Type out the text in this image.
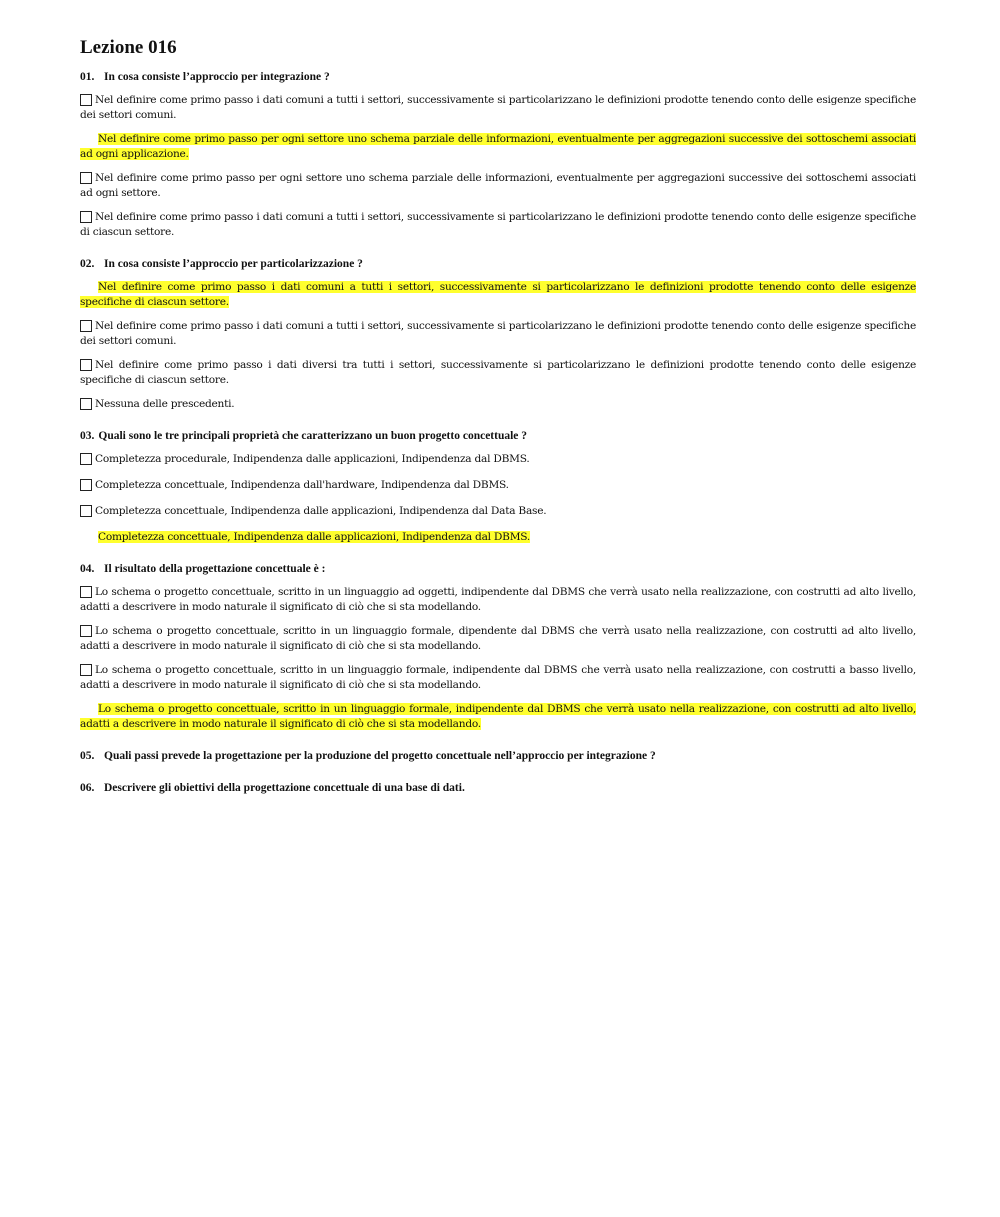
Lezione 016
01. In cosa consiste l’approccio per integrazione ?
Nel definire come primo passo i dati comuni a tutti i settori, successivamente si particolarizzano le definizioni prodotte tenendo conto delle esigenze specifiche dei settori comuni.
Nel definire come primo passo per ogni settore uno schema parziale delle informazioni, eventualmente per aggregazioni successive dei sottoschemi associati ad ogni applicazione.
Nel definire come primo passo per ogni settore uno schema parziale delle informazioni, eventualmente per aggregazioni successive dei sottoschemi associati ad ogni settore.
Nel definire come primo passo i dati comuni a tutti i settori, successivamente si particolarizzano le definizioni prodotte tenendo conto delle esigenze specifiche di ciascun settore.
02. In cosa consiste l’approccio per particolarizzazione ?
Nel definire come primo passo i dati comuni a tutti i settori, successivamente si particolarizzano le definizioni prodotte tenendo conto delle esigenze specifiche di ciascun settore.
Nel definire come primo passo i dati comuni a tutti i settori, successivamente si particolarizzano le definizioni prodotte tenendo conto delle esigenze specifiche dei settori comuni.
Nel definire come primo passo i dati diversi tra tutti i settori, successivamente si particolarizzano le definizioni prodotte tenendo conto delle esigenze specifiche di ciascun settore.
Nessuna delle prescedenti.
03. Quali sono le tre principali proprietà che caratterizzano un buon progetto concettuale ?
Completezza procedurale, Indipendenza dalle applicazioni, Indipendenza dal DBMS.
Completezza concettuale, Indipendenza dall'hardware, Indipendenza dal DBMS.
Completezza concettuale, Indipendenza dalle applicazioni, Indipendenza dal Data Base.
Completezza concettuale, Indipendenza dalle applicazioni, Indipendenza dal DBMS.
04. Il risultato della progettazione concettuale è :
Lo schema o progetto concettuale, scritto in un linguaggio ad oggetti, indipendente dal DBMS che verrà usato nella realizzazione, con costrutti ad alto livello, adatti a descrivere in modo naturale il significato di ciò che si sta modellando.
Lo schema o progetto concettuale, scritto in un linguaggio formale, dipendente dal DBMS che verrà usato nella realizzazione, con costrutti ad alto livello, adatti a descrivere in modo naturale il significato di ciò che si sta modellando.
Lo schema o progetto concettuale, scritto in un linguaggio formale, indipendente dal DBMS che verrà usato nella realizzazione, con costrutti a basso livello, adatti a descrivere in modo naturale il significato di ciò che si sta modellando.
Lo schema o progetto concettuale, scritto in un linguaggio formale, indipendente dal DBMS che verrà usato nella realizzazione, con costrutti ad alto livello, adatti a descrivere in modo naturale il significato di ciò che si sta modellando.
05. Quali passi prevede la progettazione per la produzione del progetto concettuale nell’approccio per integrazione ?
06. Descrivere gli obiettivi della progettazione concettuale di una base di dati.
